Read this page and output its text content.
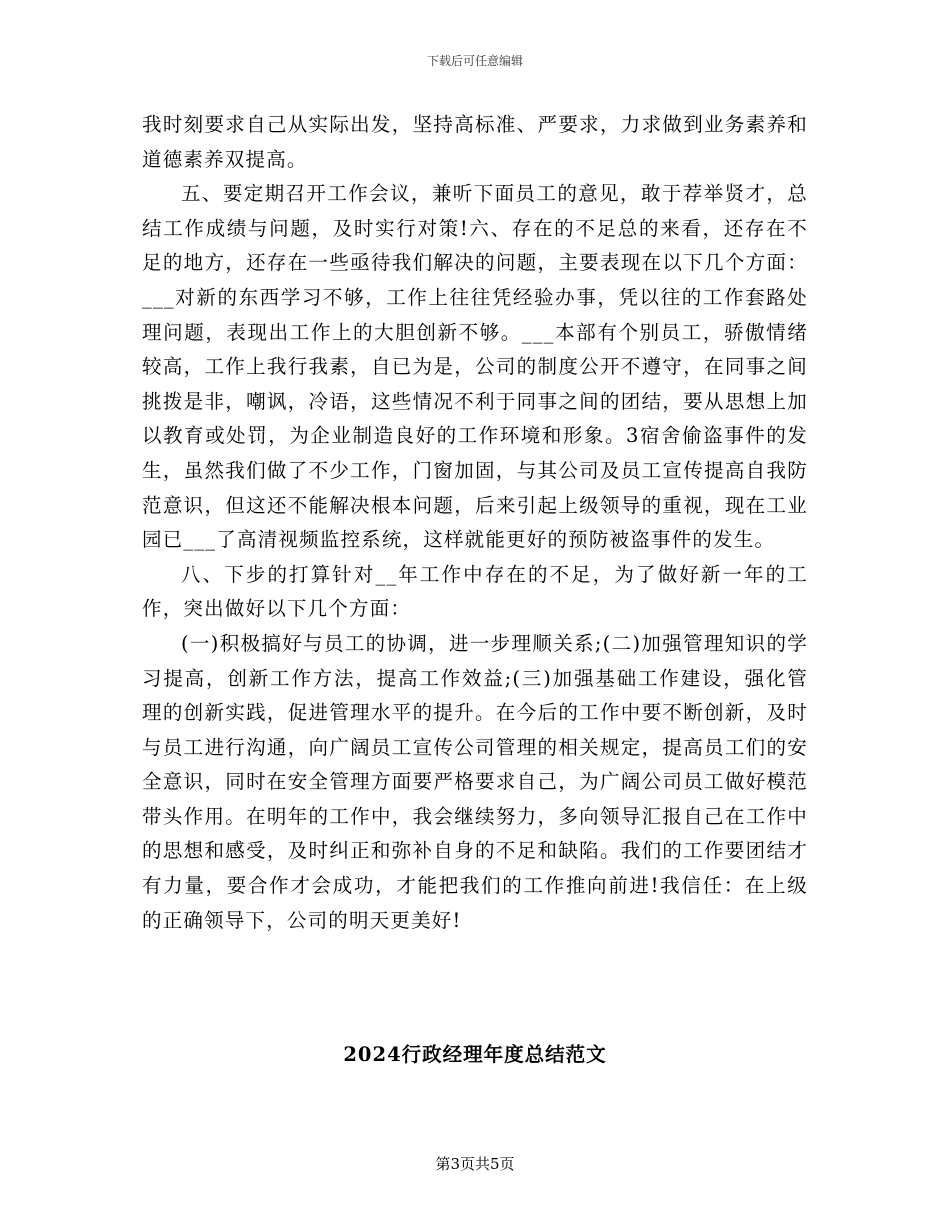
下载后可任意编辑

我时刻要求自己从实际出发，坚持高标准、严要求，力求做到业务素养和道德素养双提高。

五、要定期召开工作会议，兼听下面员工的意见，敢于荐举贤才，总结工作成绩与问题，及时实行对策!六、存在的不足总的来看，还存在不足的地方，还存在一些亟待我们解决的问题，主要表现在以下几个方面：___对新的东西学习不够，工作上往往凭经验办事，凭以往的工作套路处理问题，表现出工作上的大胆创新不够。___本部有个别员工，骄傲情绪较高，工作上我行我素，自已为是，公司的制度公开不遵守，在同事之间挑拨是非，嘲讽，冷语，这些情况不利于同事之间的团结，要从思想上加以教育或处罚，为企业制造良好的工作环境和形象。3宿舍偷盗事件的发生，虽然我们做了不少工作，门窗加固，与其公司及员工宣传提高自我防范意识，但这还不能解决根本问题，后来引起上级领导的重视，现在工业园已___了高清视频监控系统，这样就能更好的预防被盗事件的发生。

八、下步的打算针对__年工作中存在的不足，为了做好新一年的工作，突出做好以下几个方面：

(一)积极搞好与员工的协调，进一步理顺关系;(二)加强管理知识的学习提高，创新工作方法，提高工作效益;(三)加强基础工作建设，强化管理的创新实践，促进管理水平的提升。在今后的工作中要不断创新，及时与员工进行沟通，向广阔员工宣传公司管理的相关规定，提高员工们的安全意识，同时在安全管理方面要严格要求自己，为广阔公司员工做好模范带头作用。在明年的工作中，我会继续努力，多向领导汇报自己在工作中的思想和感受，及时纠正和弥补自身的不足和缺陷。我们的工作要团结才有力量，要合作才会成功，才能把我们的工作推向前进!我信任：在上级的正确领导下，公司的明天更美好!

2024行政经理年度总结范文
第3页共5页
